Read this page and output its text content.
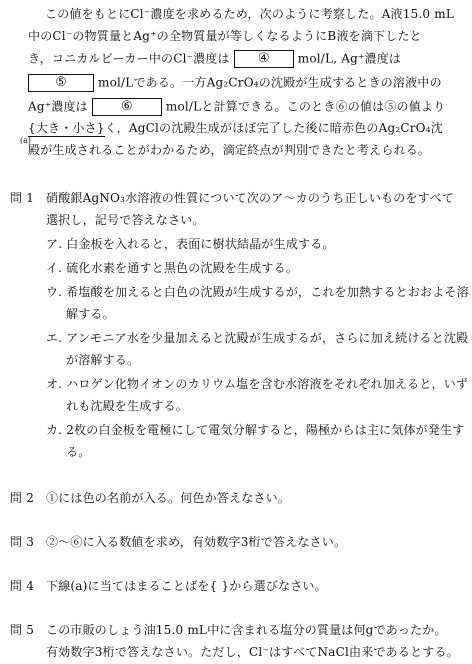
この値をもとにCl⁻濃度を求めるため，次のように考察した。A液15.0 mL
中のCl⁻の物質量とAg⁺の全物質量が等しくなるようにB液を滴下したと
き，コニカルビーカー中のCl⁻濃度は ④ mol/L, Ag⁺濃度は
⑤	mol/Lである。一方Ag₂CrO₄の沈殿が生成するときの溶液中の
Ag⁺濃度は	⑥	mol/Lと計算できる。このとき⑥の値は⑤の値より
{大き・小さ}く，AgClの沈殿生成がほぼ完了した後に暗赤色のAg₂CrO₄沈
(a)
殿が生成されることがわかるため，滴定終点が判別できたと考えられる。
問 1 硝酸銀AgNO₃水溶液の性質について次のア～カのうち正しいものをすべて
選択し，記号で答えなさい。
ア. 白金板を入れると，表面に樹状結晶が生成する。
イ. 硫化水素を通すと黒色の沈殿を生成する。
ウ. 希塩酸を加えると白色の沈殿が生成するが，これを加熱するとおおよそ溶
解する。
エ. アンモニア水を少量加えると沈殿が生成するが，さらに加え続けると沈殿
が溶解する。
オ. ハロゲン化物イオンのカリウム塩を含む水溶液をそれぞれ加えると，いず
れも沈殿を生成する。
カ. 2枚の白金板を電極にして電気分解すると，陽極からは主に気体が発生す
る。
問 2 ①には色の名前が入る。何色か答えなさい。
問 3 ②～⑥に入る数値を求め，有効数字3桁で答えなさい。
問 4 下線(a)に当てはまることばを{ }から選びなさい。
問 5 この市販のしょう油15.0 mL中に含まれる塩分の質量は何gであったか。
有効数字3桁で答えなさい。ただし，Cl⁻はすべてNaCl由来であるとする。
